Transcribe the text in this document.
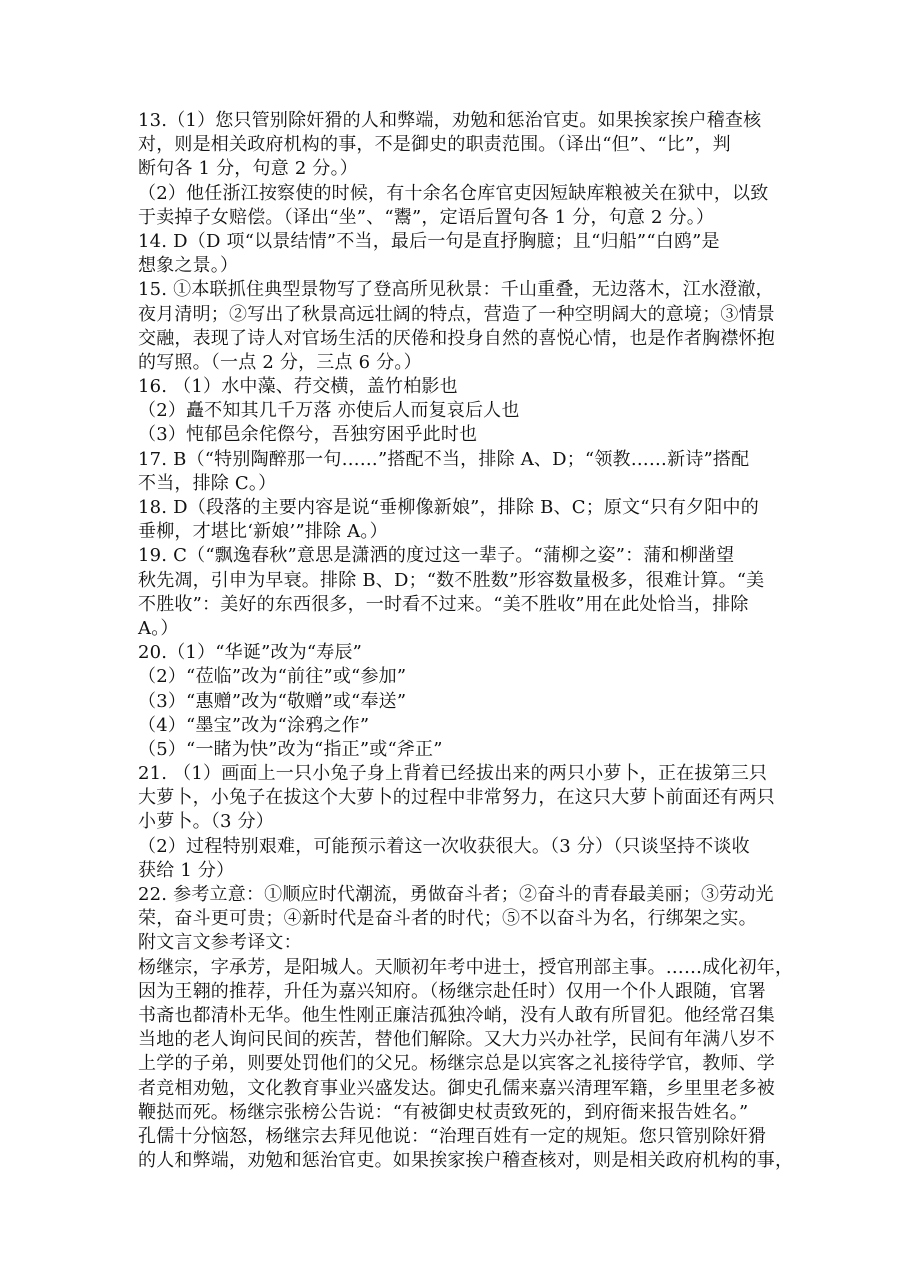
13.（1）您只管别除奸猾的人和弊端，劝勉和惩治官吏。如果挨家挨户稽查核
对，则是相关政府机构的事，不是御史的职责范围。（译出“但”、“比”，判
断句各 1 分，句意 2 分。）
（2）他任浙江按察使的时候，有十余名仓库官吏因短缺库粮被关在狱中，以致
于卖掉子女赔偿。（译出“坐”、“鬻”，定语后置句各 1 分，句意 2 分。）
14. D（D 项“以景结情”不当，最后一句是直抒胸臆；且“归船”“白鸥”是
想象之景。）
15. ①本联抓住典型景物写了登高所见秋景：千山重叠，无边落木，江水澄澈，
夜月清明；②写出了秋景高远壮阔的特点，营造了一种空明阔大的意境；③情景
交融，表现了诗人对官场生活的厌倦和投身自然的喜悦心情，也是作者胸襟怀抱
的写照。（一点 2 分，三点 6 分。）
16. （1）水中藻、荇交横，盖竹柏影也
（2）矗不知其几千万落 亦使后人而复哀后人也
（3）忳郁邑余侘傺兮，吾独穷困乎此时也
17. B（“特别陶醉那一句……”搭配不当，排除 A、D；“领教……新诗”搭配
不当，排除 C。）
18. D（段落的主要内容是说“垂柳像新娘”，排除 B、C；原文“只有夕阳中的
垂柳，才堪比‘新娘’”排除 A。）
19. C（“飘逸春秋”意思是潇洒的度过这一辈子。“蒲柳之姿”：蒲和柳凿望
秋先凋，引申为早衰。排除 B、D；“数不胜数”形容数量极多，很难计算。“美
不胜收”：美好的东西很多，一时看不过来。“美不胜收”用在此处恰当，排除
A。）
20.（1）“华诞”改为“寿辰”
（2）“莅临”改为“前往”或“参加”
（3）“惠赠”改为“敬赠”或“奉送”
（4）“墨宝”改为“涂鸦之作”
（5）“一睹为快”改为“指正”或“斧正”
21. （1）画面上一只小兔子身上背着已经拔出来的两只小萝卜，正在拔第三只
大萝卜，小兔子在拔这个大萝卜的过程中非常努力，在这只大萝卜前面还有两只
小萝卜。（3 分）
（2）过程特别艰难，可能预示着这一次收获很大。（3 分）（只谈坚持不谈收
获给 1 分）
22. 参考立意：①顺应时代潮流，勇做奋斗者；②奋斗的青春最美丽；③劳动光
荣，奋斗更可贵；④新时代是奋斗者的时代；⑤不以奋斗为名，行绑架之实。
附文言文参考译文：
杨继宗，字承芳，是阳城人。天顺初年考中进士，授官刑部主事。……成化初年，
因为王翱的推荐，升任为嘉兴知府。（杨继宗赴任时）仅用一个仆人跟随，官署
书斋也都清朴无华。他生性刚正廉洁孤独冷峭，没有人敢有所冒犯。他经常召集
当地的老人询问民间的疾苦，替他们解除。又大力兴办社学，民间有年满八岁不
上学的子弟，则要处罚他们的父兄。杨继宗总是以宾客之礼接待学官，教师、学
者竞相劝勉，文化教育事业兴盛发达。御史孔儒来嘉兴清理军籍，乡里里老多被
鞭挞而死。杨继宗张榜公告说：“有被御史杖责致死的，到府衙来报告姓名。”
孔儒十分恼怒，杨继宗去拜见他说：“治理百姓有一定的规矩。您只管别除奸猾
的人和弊端，劝勉和惩治官吏。如果挨家挨户稽查核对，则是相关政府机构的事，
